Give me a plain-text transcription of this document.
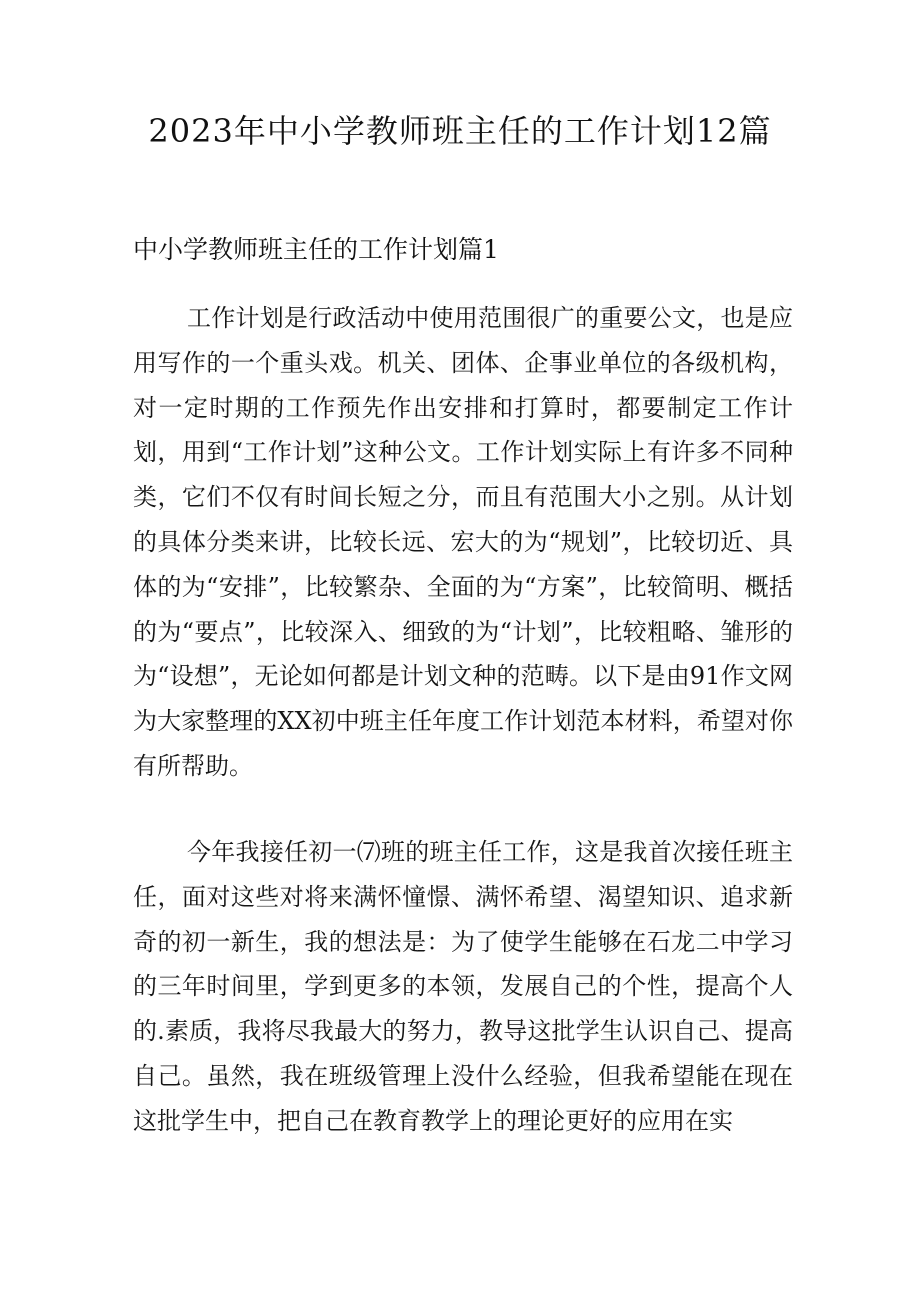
2023年中小学教师班主任的工作计划12篇
中小学教师班主任的工作计划篇1

工作计划是行政活动中使用范围很广的重要公文，也是应用写作的一个重头戏。机关、团体、企事业单位的各级机构，对一定时期的工作预先作出安排和打算时，都要制定工作计划，用到“工作计划”这种公文。工作计划实际上有许多不同种类，它们不仅有时间长短之分，而且有范围大小之别。从计划的具体分类来讲，比较长远、宏大的为“规划”，比较切近、具体的为“安排”，比较繁杂、全面的为“方案”，比较简明、概括的为“要点”，比较深入、细致的为“计划”，比较粗略、雏形的为“设想”，无论如何都是计划文种的范畴。以下是由91作文网为大家整理的XX初中班主任年度工作计划范本材料，希望对你有所帮助。

今年我接任初一⑺班的班主任工作，这是我首次接任班主任，面对这些对将来满怀憧憬、满怀希望、渴望知识、追求新奇的初一新生，我的想法是：为了使学生能够在石龙二中学习的三年时间里，学到更多的本领，发展自己的个性，提高个人的.素质，我将尽我最大的努力，教导这批学生认识自己、提高自己。虽然，我在班级管理上没什么经验，但我希望能在现在这批学生中，把自己在教育教学上的理论更好的应用在实
